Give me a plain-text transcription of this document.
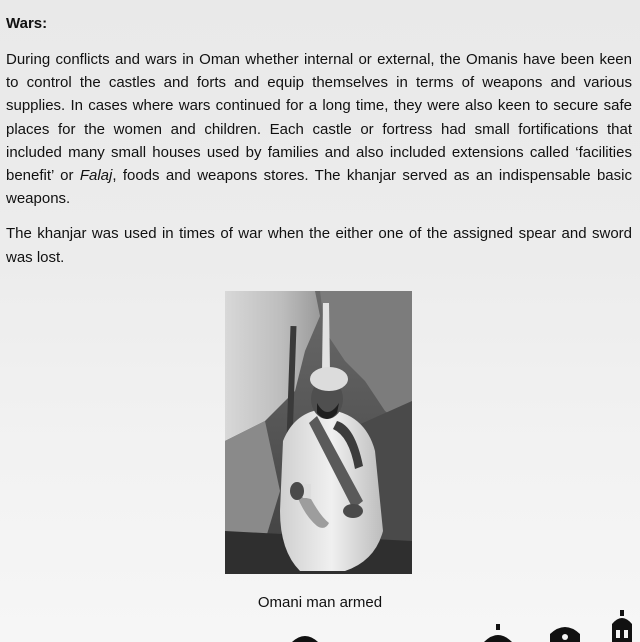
Wars:

During conflicts and wars in Oman whether internal or external, the Omanis have been keen to control the castles and forts and equip themselves in terms of weapons and various supplies. In cases where wars continued for a long time, they were also keen to secure safe places for the women and children. Each castle or fortress had small fortifications that included many small houses used by families and also included extensions called ‘facilities benefit’ or Falaj, foods and weapons stores. The khanjar served as an indispensable basic weapons.

The khanjar was used in times of war when the either one of the assigned spear and sword was lost.

Omani man armed
